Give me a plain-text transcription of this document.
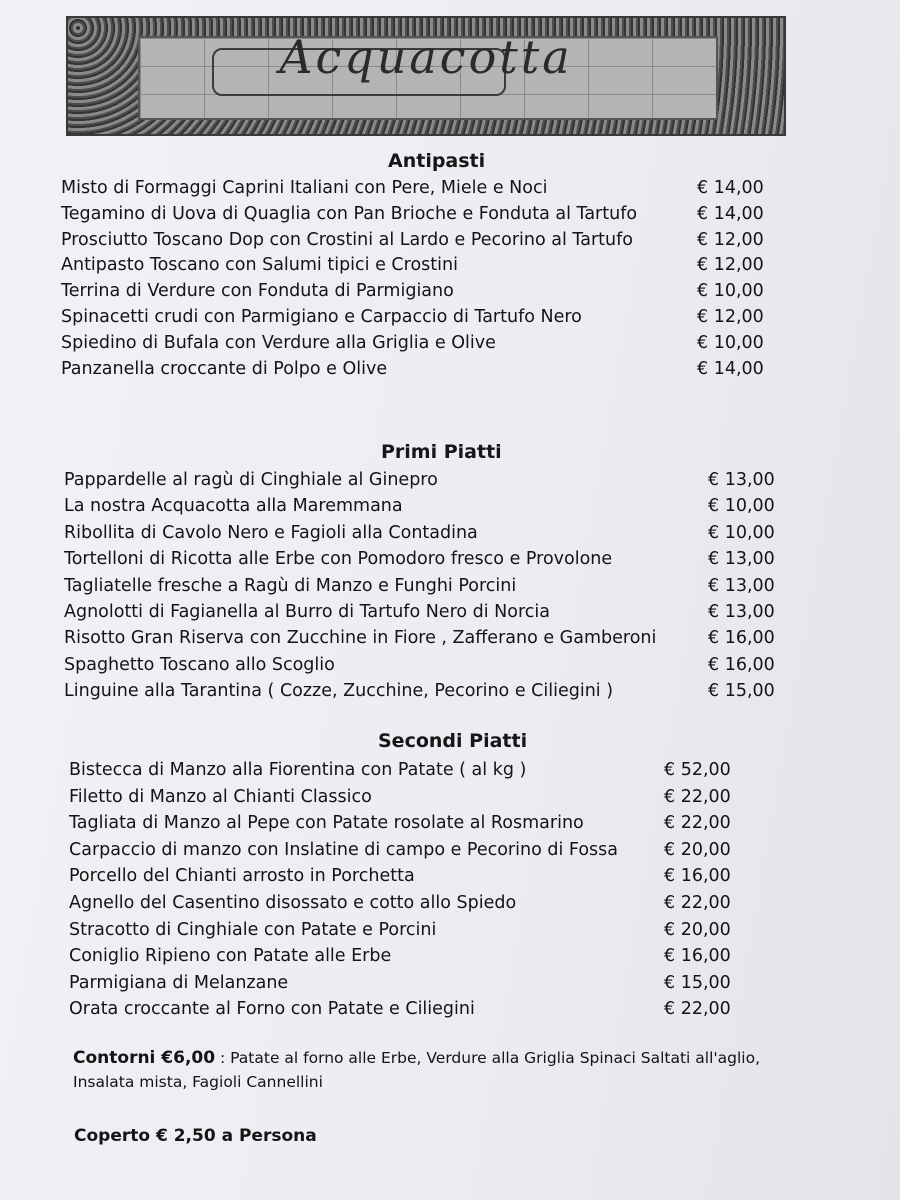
Acquacotta
Antipasti
Misto di Formaggi Caprini Italiani con Pere, Miele e Noci	€ 14,00
Tegamino di Uova di Quaglia con Pan Brioche e Fonduta al Tartufo	€ 14,00
Prosciutto Toscano Dop con Crostini al Lardo e Pecorino al Tartufo	€ 12,00
Antipasto Toscano con Salumi tipici e Crostini	€ 12,00
Terrina di Verdure con Fonduta di Parmigiano	€ 10,00
Spinacetti crudi con Parmigiano e Carpaccio di Tartufo Nero	€ 12,00
Spiedino di Bufala con Verdure alla Griglia e Olive	€ 10,00
Panzanella croccante di Polpo e Olive	€ 14,00
Primi Piatti
Pappardelle al ragù di Cinghiale al Ginepro	€ 13,00
La nostra Acquacotta alla Maremmana	€ 10,00
Ribollita di Cavolo Nero e Fagioli alla Contadina	€ 10,00
Tortelloni di Ricotta alle Erbe con Pomodoro fresco e Provolone	€ 13,00
Tagliatelle fresche a Ragù di Manzo e Funghi Porcini	€ 13,00
Agnolotti di Fagianella al Burro di Tartufo Nero di Norcia	€ 13,00
Risotto Gran Riserva con Zucchine in Fiore , Zafferano e Gamberoni	€ 16,00
Spaghetto Toscano allo Scoglio	€ 16,00
Linguine alla Tarantina ( Cozze, Zucchine, Pecorino e Ciliegini )	€ 15,00
Secondi Piatti
Bistecca di Manzo alla Fiorentina con Patate ( al kg )	€ 52,00
Filetto di Manzo al Chianti Classico	€ 22,00
Tagliata di Manzo al Pepe con Patate rosolate al Rosmarino	€ 22,00
Carpaccio di manzo con Inslatine di campo e Pecorino di Fossa	€ 20,00
Porcello del Chianti arrosto in Porchetta	€ 16,00
Agnello del Casentino disossato e cotto allo Spiedo	€ 22,00
Stracotto di Cinghiale con Patate e Porcini	€ 20,00
Coniglio Ripieno con Patate alle Erbe	€ 16,00
Parmigiana di Melanzane	€ 15,00
Orata croccante al Forno con Patate e Ciliegini	€ 22,00
Contorni €6,00 : Patate al forno alle Erbe, Verdure alla Griglia Spinaci Saltati all'aglio,
Insalata mista, Fagioli Cannellini
Coperto € 2,50 a Persona
